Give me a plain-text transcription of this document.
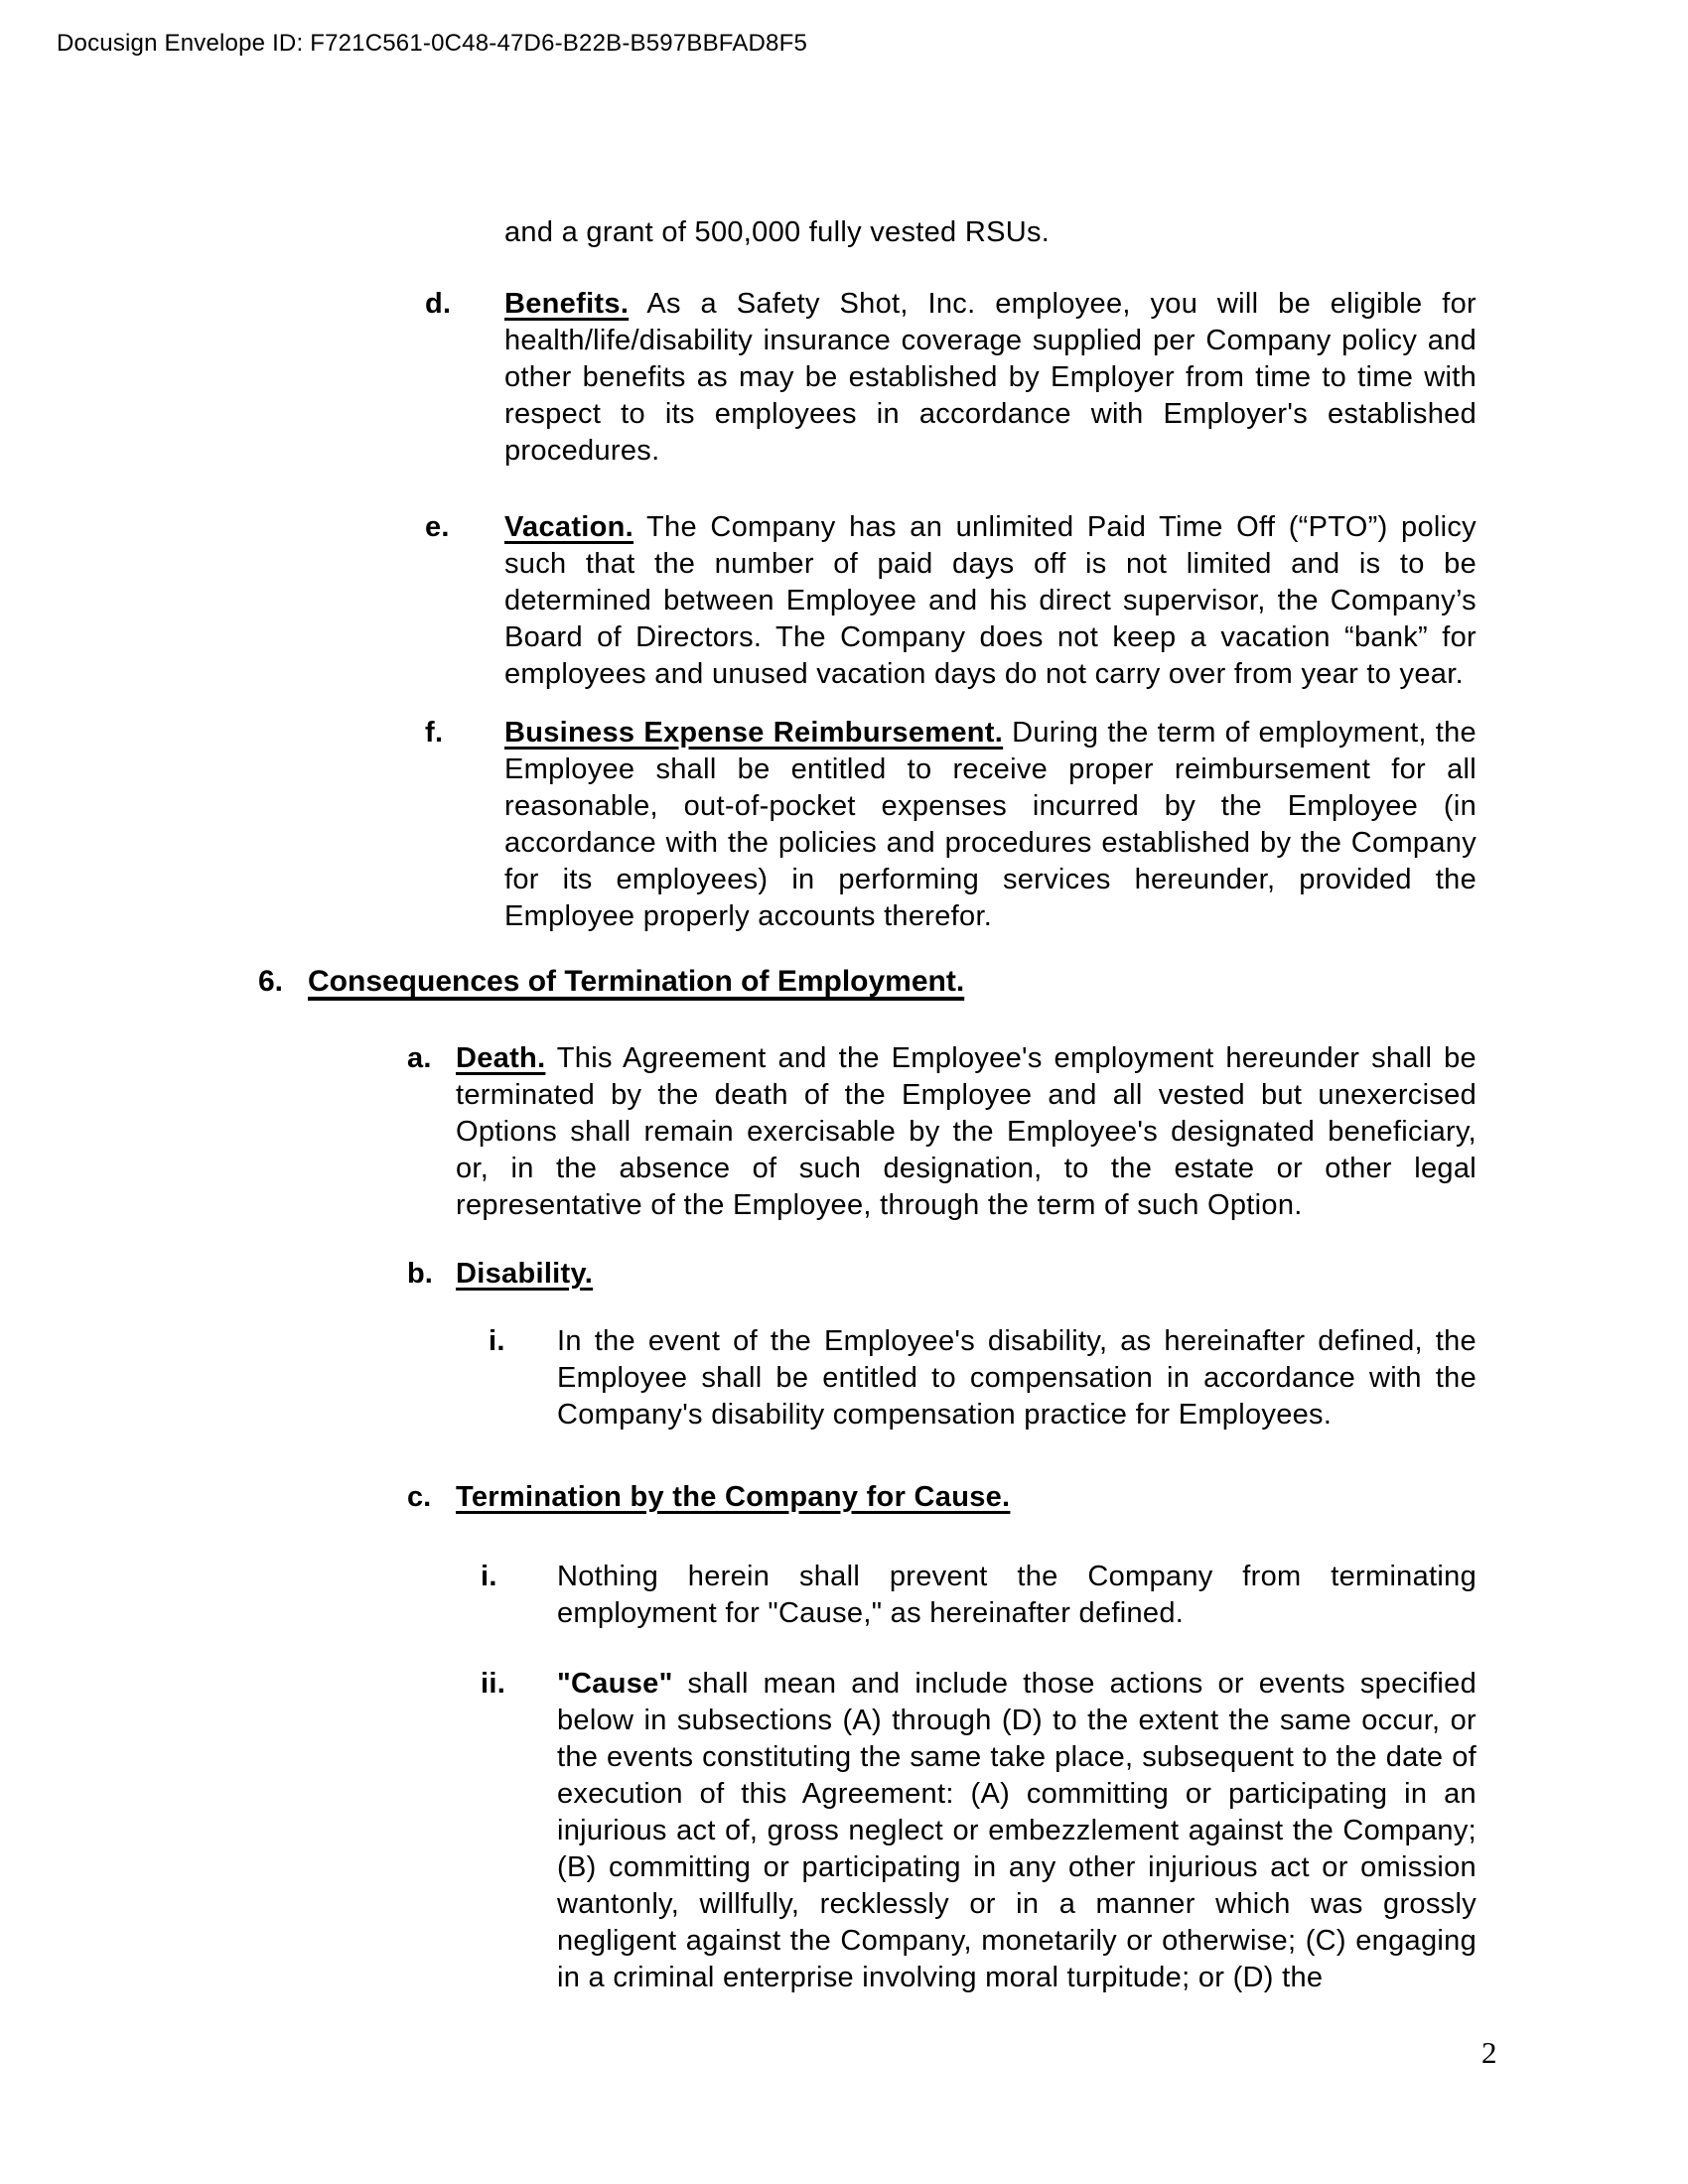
Docusign Envelope ID: F721C561-0C48-47D6-B22B-B597BBFAD8F5
and a grant of 500,000 fully vested RSUs.
d. Benefits. As a Safety Shot, Inc. employee, you will be eligible for health/life/disability insurance coverage supplied per Company policy and other benefits as may be established by Employer from time to time with respect to its employees in accordance with Employer's established procedures.
e. Vacation. The Company has an unlimited Paid Time Off (“PTO”) policy such that the number of paid days off is not limited and is to be determined between Employee and his direct supervisor, the Company’s Board of Directors. The Company does not keep a vacation “bank” for employees and unused vacation days do not carry over from year to year.
f. Business Expense Reimbursement. During the term of employment, the Employee shall be entitled to receive proper reimbursement for all reasonable, out-of-pocket expenses incurred by the Employee (in accordance with the policies and procedures established by the Company for its employees) in performing services hereunder, provided the Employee properly accounts therefor.
6. Consequences of Termination of Employment.
a. Death. This Agreement and the Employee's employment hereunder shall be terminated by the death of the Employee and all vested but unexercised Options shall remain exercisable by the Employee's designated beneficiary, or, in the absence of such designation, to the estate or other legal representative of the Employee, through the term of such Option.
b. Disability.
i. In the event of the Employee's disability, as hereinafter defined, the Employee shall be entitled to compensation in accordance with the Company's disability compensation practice for Employees.
c. Termination by the Company for Cause.
i. Nothing herein shall prevent the Company from terminating employment for "Cause," as hereinafter defined.
ii. "Cause" shall mean and include those actions or events specified below in subsections (A) through (D) to the extent the same occur, or the events constituting the same take place, subsequent to the date of execution of this Agreement: (A) committing or participating in an injurious act of, gross neglect or embezzlement against the Company; (B) committing or participating in any other injurious act or omission wantonly, willfully, recklessly or in a manner which was grossly negligent against the Company, monetarily or otherwise; (C) engaging in a criminal enterprise involving moral turpitude; or (D) the
2
